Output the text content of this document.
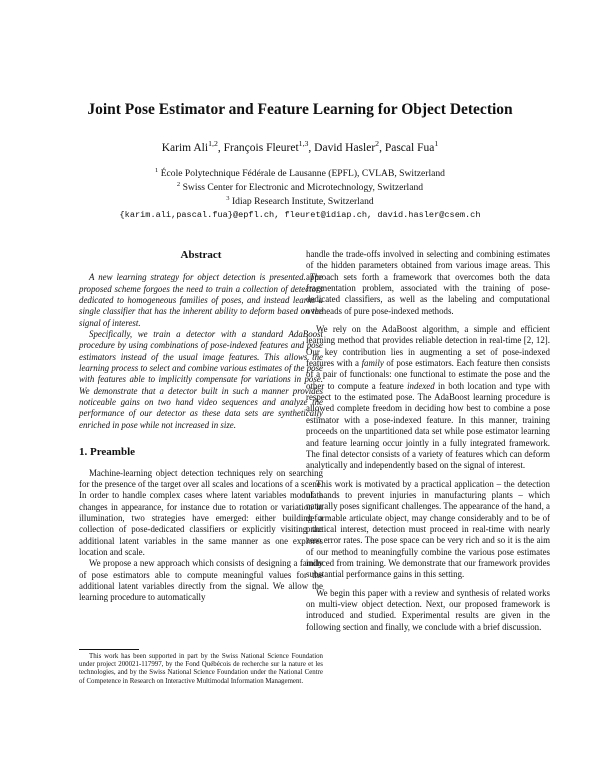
Joint Pose Estimator and Feature Learning for Object Detection
Karim Ali$^{1,2}$, François Fleuret$^{1,3}$, David Hasler$^2$, Pascal Fua$^1$
$^1$ École Polytechnique Fédérale de Lausanne (EPFL), CVLAB, Switzerland
$^2$ Swiss Center for Electronic and Microtechnology, Switzerland
$^3$ Idiap Research Institute, Switzerland
{karim.ali,pascal.fua}@epfl.ch, fleuret@idiap.ch, david.hasler@csem.ch
Abstract

A new learning strategy for object detection is presented. The proposed scheme forgoes the need to train a collection of detectors dedicated to homogeneous families of poses, and instead learns a single classifier that has the inherent ability to deform based on the signal of interest.

Specifically, we train a detector with a standard AdaBoost procedure by using combinations of pose-indexed features and pose estimators instead of the usual image features. This allows the learning process to select and combine various estimates of the pose with features able to implicitly compensate for variations in pose. We demonstrate that a detector built in such a manner provides noticeable gains on two hand video sequences and analyze the performance of our detector as these data sets are synthetically enriched in pose while not increased in size.

1. Preamble

Machine-learning object detection techniques rely on searching for the presence of the target over all scales and locations of a scene. In order to handle complex cases where latent variables modulate changes in appearance, for instance due to rotation or variation in illumination, two strategies have emerged: either building a collection of pose-dedicated classifiers or explicitly visiting the additional latent variables in the same manner as one explores location and scale.

We propose a new approach which consists of designing a family of pose estimators able to compute meaningful values for the additional latent variables directly from the signal. We allow the learning procedure to automatically

handle the trade-offs involved in selecting and combining estimates of the hidden parameters obtained from various image areas. This approach sets forth a framework that overcomes both the data fragmentation problem, associated with the training of pose-dedicated classifiers, as well as the labeling and computational overheads of pure pose-indexed methods.

We rely on the AdaBoost algorithm, a simple and efficient learning method that provides reliable detection in real-time [2, 12]. Our key contribution lies in augmenting a set of pose-indexed features with a family of pose estimators. Each feature then consists of a pair of functionals: one functional to estimate the pose and the other to compute a feature indexed in both location and type with respect to the estimated pose. The AdaBoost learning procedure is allowed complete freedom in deciding how best to combine a pose estimator with a pose-indexed feature. In this manner, training proceeds on the unpartitioned data set while pose estimator learning and feature learning occur jointly in a fully integrated framework. The final detector consists of a variety of features which can deform analytically and independently based on the signal of interest.

This work is motivated by a practical application – the detection of hands to prevent injuries in manufacturing plants – which naturally poses significant challenges. The appearance of the hand, a deformable articulate object, may change considerably and to be of practical interest, detection must proceed in real-time with nearly zero error rates. The pose space can be very rich and so it is the aim of our method to meaningfully combine the various pose estimates induced from training. We demonstrate that our framework provides substantial performance gains in this setting.

We begin this paper with a review and synthesis of related works on multi-view object detection. Next, our proposed framework is introduced and studied. Experimental results are given in the following section and finally, we conclude with a brief discussion.

This work has been supported in part by the Swiss National Science Foundation under project 200021-117997, by the Fond Québécois de recherche sur la nature et les technologies, and by the Swiss National Science Foundation under the National Centre of Competence in Research on Interactive Multimodal Information Management.
